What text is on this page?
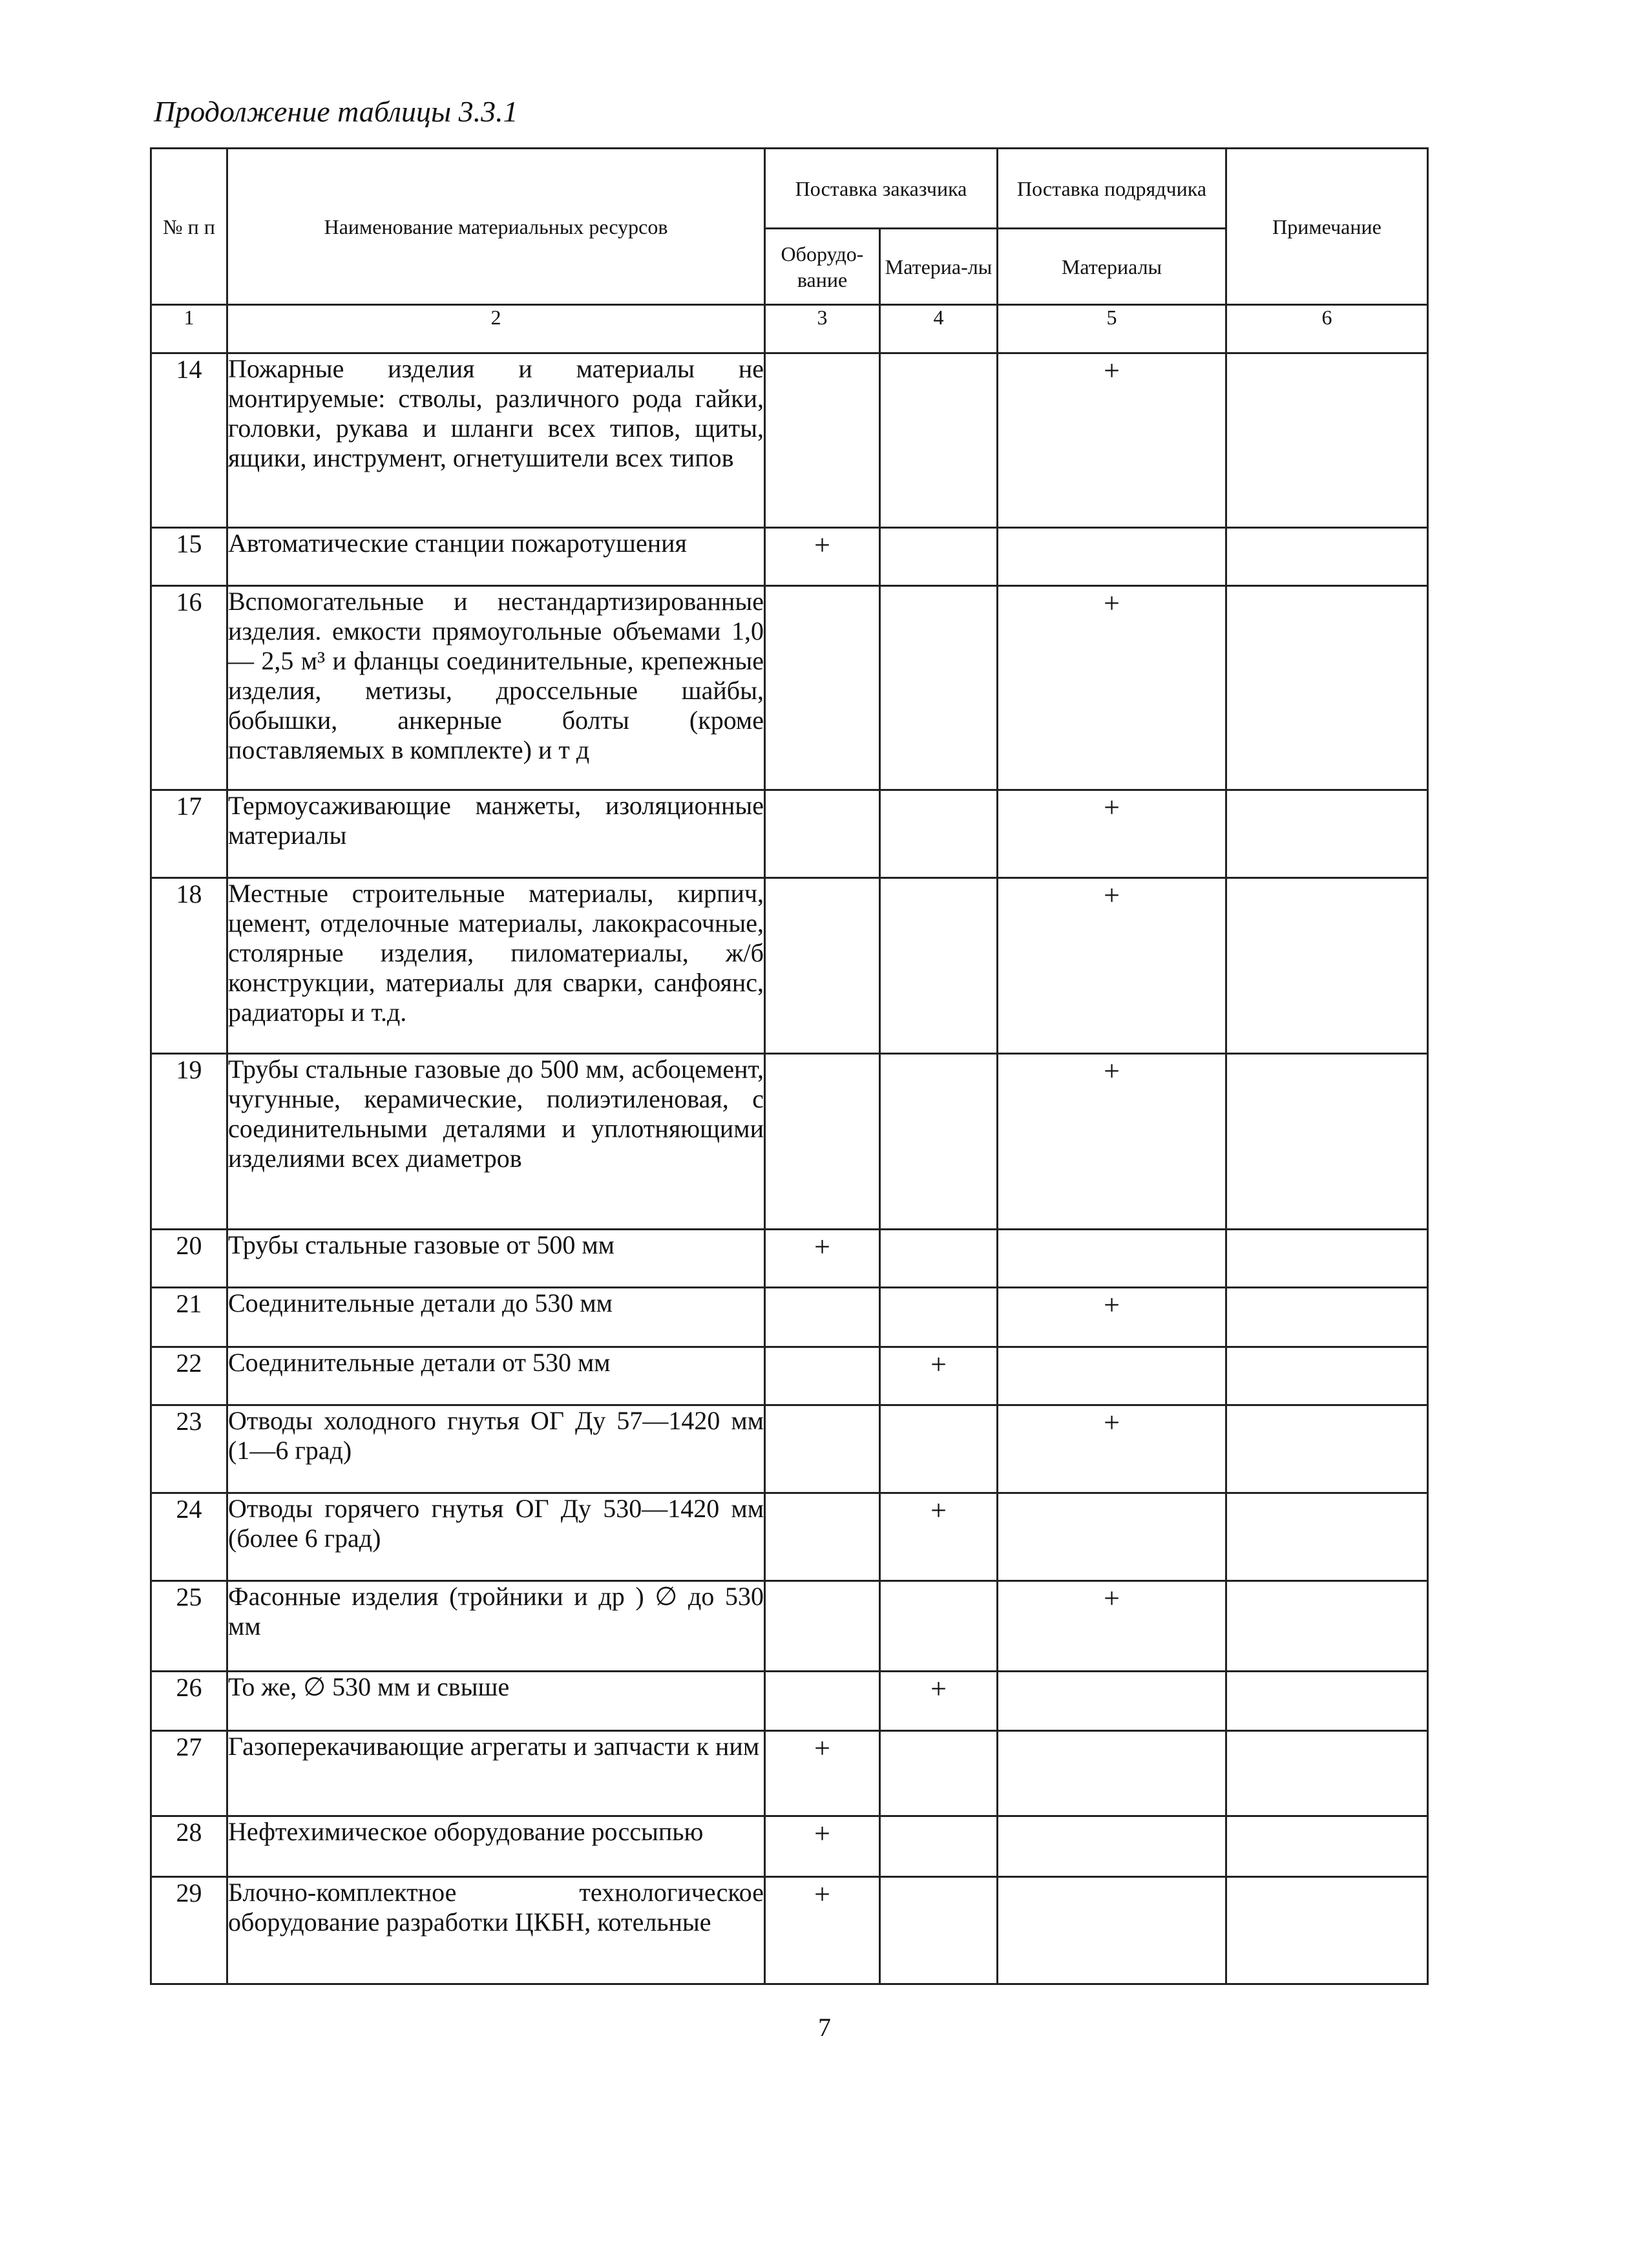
Продолжение таблицы 3.3.1
№ п п	Наименование материальных ресурсов	Поставка заказчика		Поставка подрядчика	Примечание
		Оборудо-вание	Материа-лы	Материалы	
1	2	3	4	5	6
14	Пожарные изделия и материалы не монтируемые: стволы, различного рода гайки, головки, рукава и шланги всех типов, щиты, ящики, инструмент, огнетушители всех типов			+	
15	Автоматические станции пожаротушения	+			
16	Вспомогательные и нестандартизированные изделия. емкости прямоугольные объемами 1,0— 2,5 м³ и фланцы соединительные, крепежные изделия, метизы, дроссельные шайбы, бобышки, анкерные болты (кроме поставляемых в комплекте) и т д			+	
17	Термоусаживающие манжеты, изоляционные материалы			+	
18	Местные строительные материалы, кирпич, цемент, отделочные материалы, лакокрасочные, столярные изделия, пиломатериалы, ж/б конструкции, материалы для сварки, санфоянс, радиаторы и т.д.			+	
19	Трубы стальные газовые до 500 мм, асбоцемент, чугунные, керамические, полиэтиленовая, с соединительными деталями и уплотняющими изделиями всех диаметров			+	
20	Трубы стальные газовые от 500 мм	+			
21	Соединительные детали до 530 мм			+	
22	Соединительные детали от 530 мм		+		
23	Отводы холодного гнутья ОГ Ду 57—1420 мм (1—6 град)			+	
24	Отводы горячего гнутья ОГ Ду 530—1420 мм (более 6 град)		+		
25	Фасонные изделия (тройники и др ) ∅ до 530 мм			+	
26	То же, ∅ 530 мм и свыше		+		
27	Газоперекачивающие агрегаты и запчасти к ним	+			
28	Нефтехимическое оборудование россыпью	+			
29	Блочно-комплектное технологическое оборудование разработки ЦКБН, котельные	+			
7
